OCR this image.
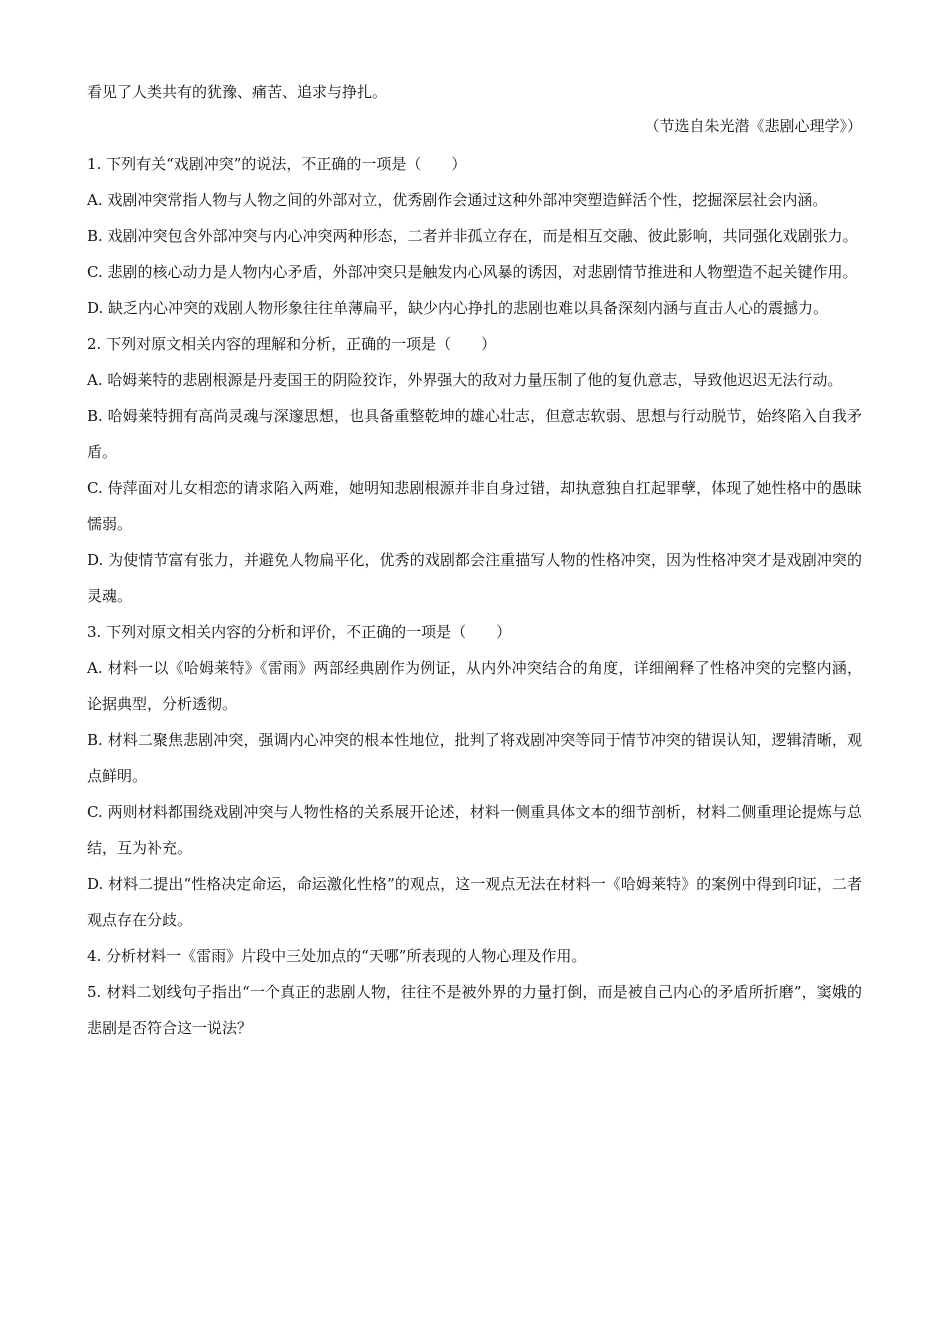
看见了人类共有的犹豫、痛苦、追求与挣扎。
（节选自朱光潜《悲剧心理学》）
1. 下列有关“戏剧冲突”的说法，不正确的一项是（　　）
A. 戏剧冲突常指人物与人物之间的外部对立，优秀剧作会通过这种外部冲突塑造鲜活个性，挖掘深层社会内涵。
B. 戏剧冲突包含外部冲突与内心冲突两种形态，二者并非孤立存在，而是相互交融、彼此影响，共同强化戏剧张力。
C. 悲剧的核心动力是人物内心矛盾，外部冲突只是触发内心风暴的诱因，对悲剧情节推进和人物塑造不起关键作用。
D. 缺乏内心冲突的戏剧人物形象往往单薄扁平，缺少内心挣扎的悲剧也难以具备深刻内涵与直击人心的震撼力。
2. 下列对原文相关内容的理解和分析，正确的一项是（　　）
A. 哈姆莱特的悲剧根源是丹麦国王的阴险狡诈，外界强大的敌对力量压制了他的复仇意志，导致他迟迟无法行动。
B. 哈姆莱特拥有高尚灵魂与深邃思想，也具备重整乾坤的雄心壮志，但意志软弱、思想与行动脱节，始终陷入自我矛盾。
C. 侍萍面对儿女相恋的请求陷入两难，她明知悲剧根源并非自身过错，却执意独自扛起罪孽，体现了她性格中的愚昧懦弱。
D. 为使情节富有张力，并避免人物扁平化，优秀的戏剧都会注重描写人物的性格冲突，因为性格冲突才是戏剧冲突的灵魂。
3. 下列对原文相关内容的分析和评价，不正确的一项是（　　）
A. 材料一以《哈姆莱特》《雷雨》两部经典剧作为例证，从内外冲突结合的角度，详细阐释了性格冲突的完整内涵，论据典型，分析透彻。
B. 材料二聚焦悲剧冲突，强调内心冲突的根本性地位，批判了将戏剧冲突等同于情节冲突的错误认知，逻辑清晰，观点鲜明。
C. 两则材料都围绕戏剧冲突与人物性格的关系展开论述，材料一侧重具体文本的细节剖析，材料二侧重理论提炼与总结，互为补充。
D. 材料二提出“性格决定命运，命运激化性格”的观点，这一观点无法在材料一《哈姆莱特》的案例中得到印证，二者观点存在分歧。
4. 分析材料一《雷雨》片段中三处加点的“天哪”所表现的人物心理及作用。
5. 材料二划线句子指出“一个真正的悲剧人物，往往不是被外界的力量打倒，而是被自己内心的矛盾所折磨”，窦娥的悲剧是否符合这一说法？
